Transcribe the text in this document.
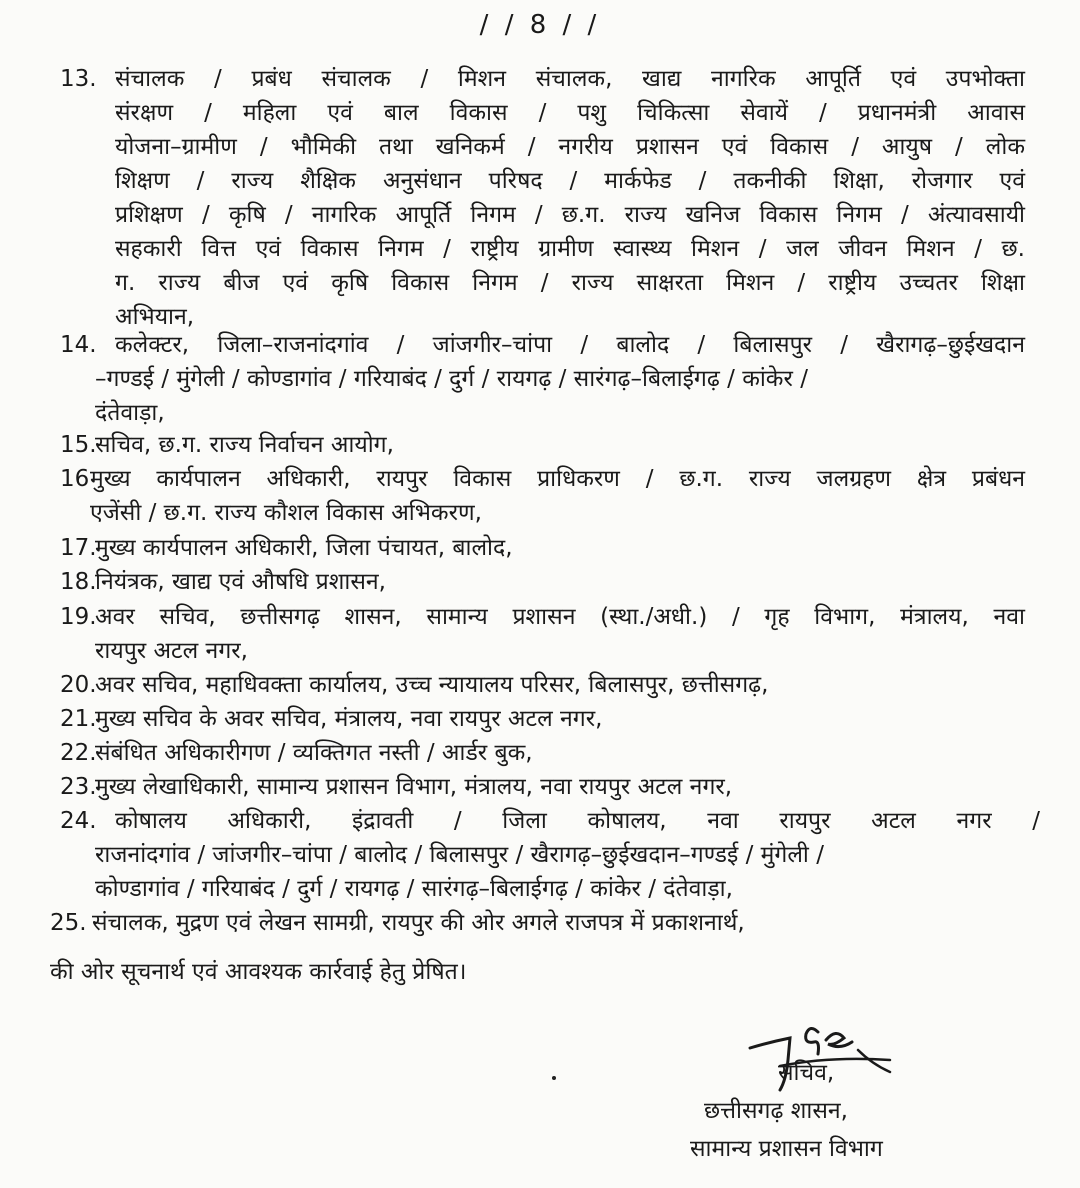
/ / 8 / /
13. संचालक / प्रबंध संचालक / मिशन संचालक, खाद्य नागरिक आपूर्ति एवं उपभोक्ता
संरक्षण / महिला एवं बाल विकास / पशु चिकित्सा सेवायें / प्रधानमंत्री आवास
योजना–ग्रामीण / भौमिकी तथा खनिकर्म / नगरीय प्रशासन एवं विकास / आयुष / लोक
शिक्षण / राज्य शैक्षिक अनुसंधान परिषद / मार्कफेड / तकनीकी शिक्षा, रोजगार एवं
प्रशिक्षण / कृषि / नागरिक आपूर्ति निगम / छ.ग. राज्य खनिज विकास निगम / अंत्यावसायी
सहकारी वित्त एवं विकास निगम / राष्ट्रीय ग्रामीण स्वास्थ्य मिशन / जल जीवन मिशन / छ.
ग. राज्य बीज एवं कृषि विकास निगम / राज्य साक्षरता मिशन / राष्ट्रीय उच्चतर शिक्षा
अभियान,
14. कलेक्टर, जिला–राजनांदगांव / जांजगीर–चांपा / बालोद / बिलासपुर / खैरागढ़–छुईखदान
–गण्डई / मुंगेली / कोण्डागांव / गरियाबंद / दुर्ग / रायगढ़ / सारंगढ़–बिलाईगढ़ / कांकेर /
दंतेवाड़ा,
15.
सचिव, छ.ग. राज्य निर्वाचन आयोग,
16 मुख्य कार्यपालन अधिकारी, रायपुर विकास प्राधिकरण / छ.ग. राज्य जलग्रहण क्षेत्र प्रबंधन
एजेंसी / छ.ग. राज्य कौशल विकास अभिकरण,
17.
मुख्य कार्यपालन अधिकारी, जिला पंचायत, बालोद,
18.
नियंत्रक, खाद्य एवं औषधि प्रशासन,
19.
अवर सचिव, छत्तीसगढ़ शासन, सामान्य प्रशासन (स्था./अधी.) / गृह विभाग, मंत्रालय, नवा
रायपुर अटल नगर,
20.
अवर सचिव, महाधिवक्ता कार्यालय, उच्च न्यायालय परिसर, बिलासपुर, छत्तीसगढ़,
21.
मुख्य सचिव के अवर सचिव, मंत्रालय, नवा रायपुर अटल नगर,
22.
संबंधित अधिकारीगण / व्यक्तिगत नस्ती / आर्डर बुक,
23.
मुख्य लेखाधिकारी, सामान्य प्रशासन विभाग, मंत्रालय, नवा रायपुर अटल नगर,
24. कोषालय अधिकारी, इंद्रावती / जिला कोषालय, नवा रायपुर अटल नगर /
राजनांदगांव / जांजगीर–चांपा / बालोद / बिलासपुर / खैरागढ़–छुईखदान–गण्डई / मुंगेली /
कोण्डागांव / गरियाबंद / दुर्ग / रायगढ़ / सारंगढ़–बिलाईगढ़ / कांकेर / दंतेवाड़ा,
25. संचालक, मुद्रण एवं लेखन सामग्री, रायपुर की ओर अगले राजपत्र में प्रकाशनार्थ,
की ओर सूचनार्थ एवं आवश्यक कार्रवाई हेतु प्रेषित।
सचिव,
छत्तीसगढ़ शासन,
सामान्य प्रशासन विभाग
